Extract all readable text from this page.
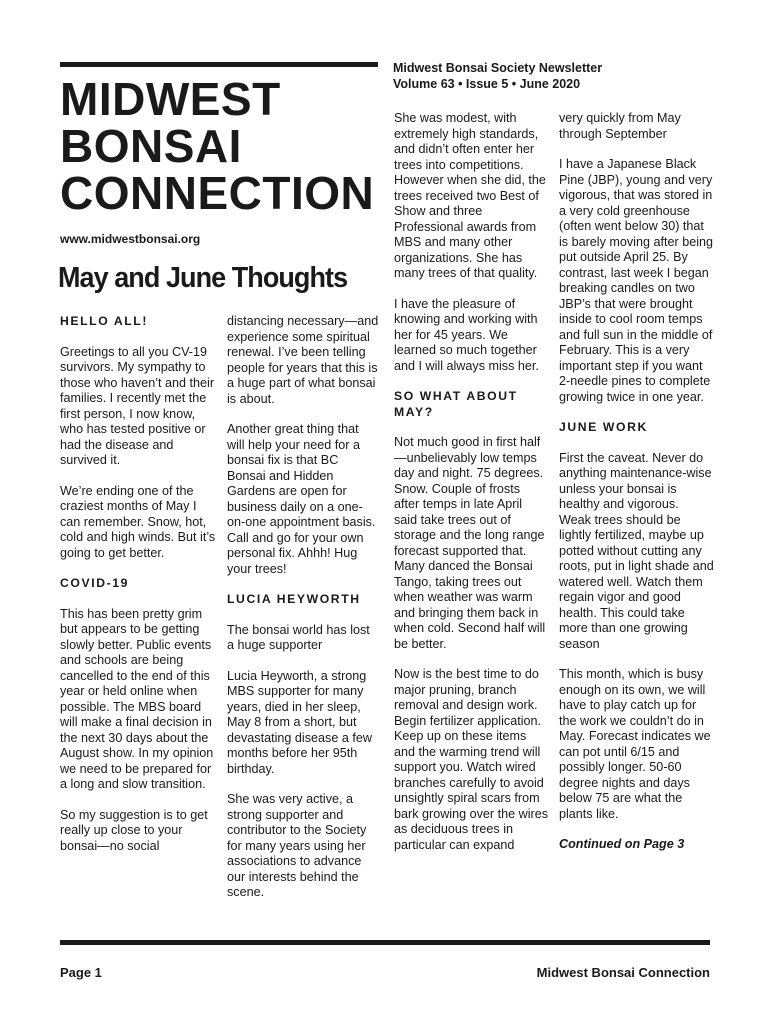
MIDWEST
BONSAI
CONNECTION
www.midwestbonsai.org
May and June Thoughts
Midwest Bonsai Society Newsletter
Volume 63 • Issue 5 • June 2020
HELLO ALL!

Greetings to all you CV-19 survivors. My sympathy to those who haven’t and their families. I recently met the first person, I now know, who has tested positive or had the disease and survived it.

We’re ending one of the craziest months of May I can remember. Snow, hot, cold and high winds. But it’s going to get better.

COVID-19

This has been pretty grim but appears to be getting slowly better. Public events and schools are being cancelled to the end of this year or held online when possible. The MBS board will make a final decision in the next 30 days about the August show. In my opinion we need to be prepared for a long and slow transition.

So my suggestion is to get really up close to your bonsai—no social

distancing necessary—and experience some spiritual renewal. I’ve been telling people for years that this is a huge part of what bonsai is about.

Another great thing that will help your need for a bonsai fix is that BC Bonsai and Hidden Gardens are open for business daily on a one-on-one appointment basis. Call and go for your own personal fix. Ahhh! Hug your trees!

LUCIA HEYWORTH

The bonsai world has lost a huge supporter

Lucia Heyworth, a strong MBS supporter for many years, died in her sleep, May 8 from a short, but devastating disease a few months before her 95th birthday.

She was very active, a strong supporter and contributor to the Society for many years using her associations to advance our interests behind the scene.

She was modest, with extremely high standards, and didn’t often enter her trees into competitions. However when she did, the trees received two Best of Show and three Professional awards from MBS and many other organizations. She has many trees of that quality.

I have the pleasure of knowing and working with her for 45 years. We learned so much together and I will always miss her.

SO WHAT ABOUT MAY?

Not much good in first half—unbelievably low temps day and night. 75 degrees. Snow. Couple of frosts after temps in late April said take trees out of storage and the long range forecast supported that. Many danced the Bonsai Tango, taking trees out when weather was warm and bringing them back in when cold. Second half will be better.

Now is the best time to do major pruning, branch removal and design work. Begin fertilizer application. Keep up on these items and the warming trend will support you. Watch wired branches carefully to avoid unsightly spiral scars from bark growing over the wires as deciduous trees in particular can expand

very quickly from May through September

I have a Japanese Black Pine (JBP), young and very vigorous, that was stored in a very cold greenhouse (often went below 30) that is barely moving after being put outside April 25. By contrast, last week I began breaking candles on two JBP’s that were brought inside to cool room temps and full sun in the middle of February. This is a very important step if you want 2-needle pines to complete growing twice in one year.

JUNE WORK

First the caveat. Never do anything maintenance-wise unless your bonsai is healthy and vigorous. Weak trees should be lightly fertilized, maybe up potted without cutting any roots, put in light shade and watered well. Watch them regain vigor and good health. This could take more than one growing season

This month, which is busy enough on its own, we will have to play catch up for the work we couldn’t do in May. Forecast indicates we can pot until 6/15 and possibly longer. 50-60 degree nights and days below 75 are what the plants like.

Continued on Page 3

Page 1	Midwest Bonsai Connection
